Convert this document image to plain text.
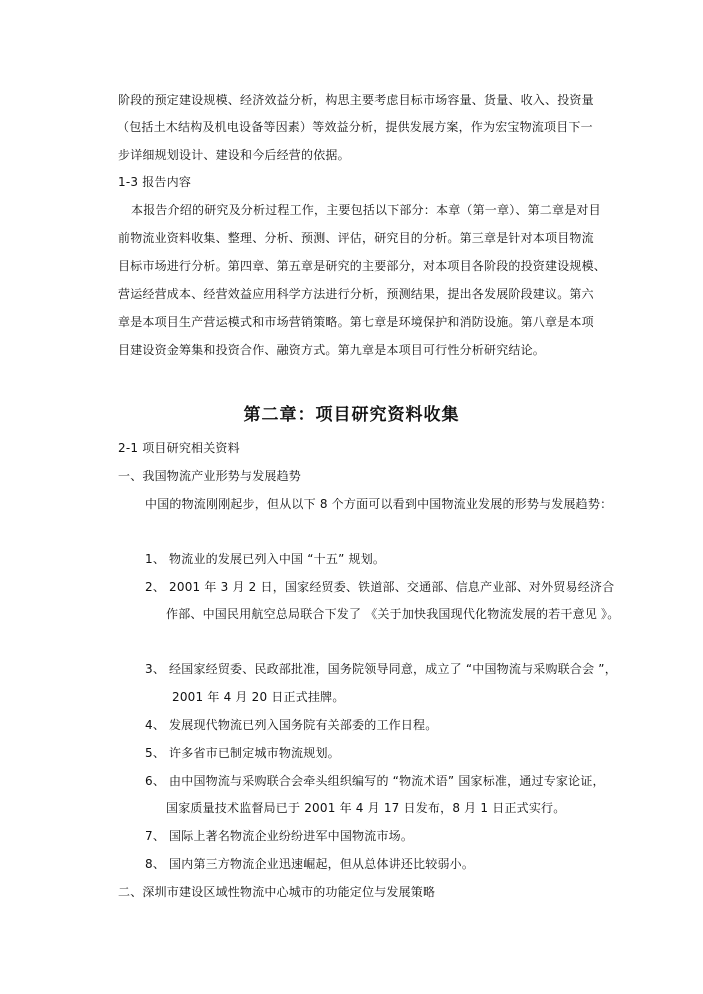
阶段的预定建设规模、经济效益分析，构思主要考虑目标市场容量、货量、收入、投资量
（包括土木结构及机电设备等因素）等效益分析，提供发展方案，作为宏宝物流项目下一
步详细规划设计、建设和今后经营的依据。
1-3 报告内容
本报告介绍的研究及分析过程工作，主要包括以下部分：本章（第一章）、第二章是对目
前物流业资料收集、整理、分析、预测、评估，研究目的分析。第三章是针对本项目物流
目标市场进行分析。第四章、第五章是研究的主要部分，对本项目各阶段的投资建设规模、
营运经营成本、经营效益应用科学方法进行分析，预测结果，提出各发展阶段建议。第六
章是本项目生产营运模式和市场营销策略。第七章是环境保护和消防设施。第八章是本项
目建设资金筹集和投资合作、融资方式。第九章是本项目可行性分析研究结论。
第二章：项目研究资料收集
2-1 项目研究相关资料
一、我国物流产业形势与发展趋势
中国的物流刚刚起步，但从以下 8 个方面可以看到中国物流业发展的形势与发展趋势：
1、 物流业的发展已列入中国 “十五” 规划。
2、 2001 年 3 月 2 日，国家经贸委、铁道部、交通部、信息产业部、对外贸易经济合
作部、中国民用航空总局联合下发了 《关于加快我国现代化物流发展的若干意见 》。
3、 经国家经贸委、民政部批准，国务院领导同意，成立了 “中国物流与采购联合会 ”，
2001 年 4 月 20 日正式挂牌。
4、 发展现代物流已列入国务院有关部委的工作日程。
5、 许多省市已制定城市物流规划。
6、 由中国物流与采购联合会牵头组织编写的 “物流术语” 国家标准，通过专家论证，
国家质量技术监督局已于 2001 年 4 月 17 日发布，8 月 1 日正式实行。
7、 国际上著名物流企业纷纷进军中国物流市场。
8、 国内第三方物流企业迅速崛起，但从总体讲还比较弱小。
二、深圳市建设区域性物流中心城市的功能定位与发展策略
